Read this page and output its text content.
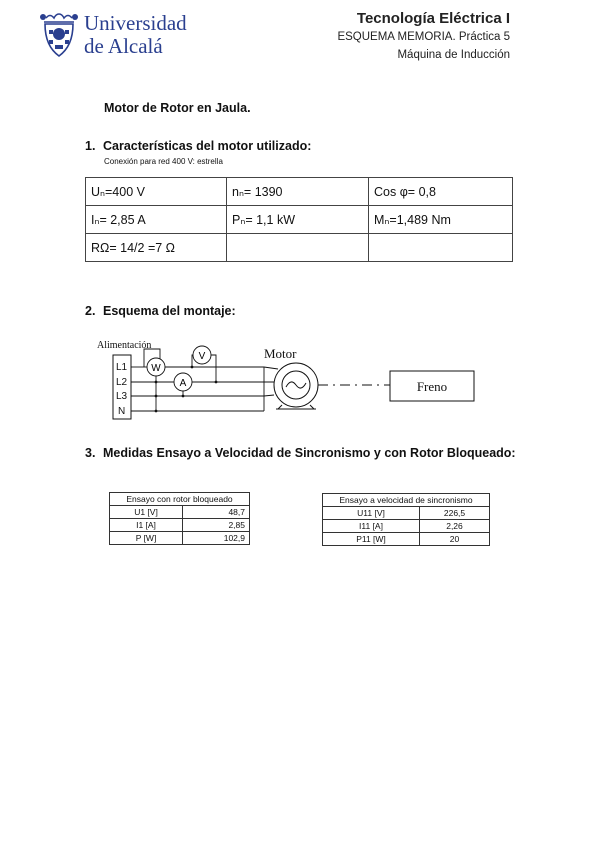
Universidad
de Alcalá
Tecnología Eléctrica I
ESQUEMA MEMORIA. Práctica 5
Máquina de Inducción
Motor de Rotor en Jaula.
1. Características del motor utilizado:
Conexión para red 400 V: estrella
Uₙ=400 V	nₙ= 1390	Cos φ= 0,8
Iₙ= 2,85 A	Pₙ= 1,1 kW	Mₙ=1,489 Nm
RΩ= 14/2 =7 Ω		
2. Esquema del montaje:
Alimentación
L1
L2
L3
N
W
V
A
Motor
Freno
3. Medidas Ensayo a Velocidad de Sincronismo y con Rotor Bloqueado:
Ensayo con rotor bloqueado	
U1 [V]	48,7
I1 [A]	2,85
P [W]	102,9
Ensayo a velocidad de sincronismo	
U11 [V]	226,5
I11 [A]	2,26
P11 [W]	20
